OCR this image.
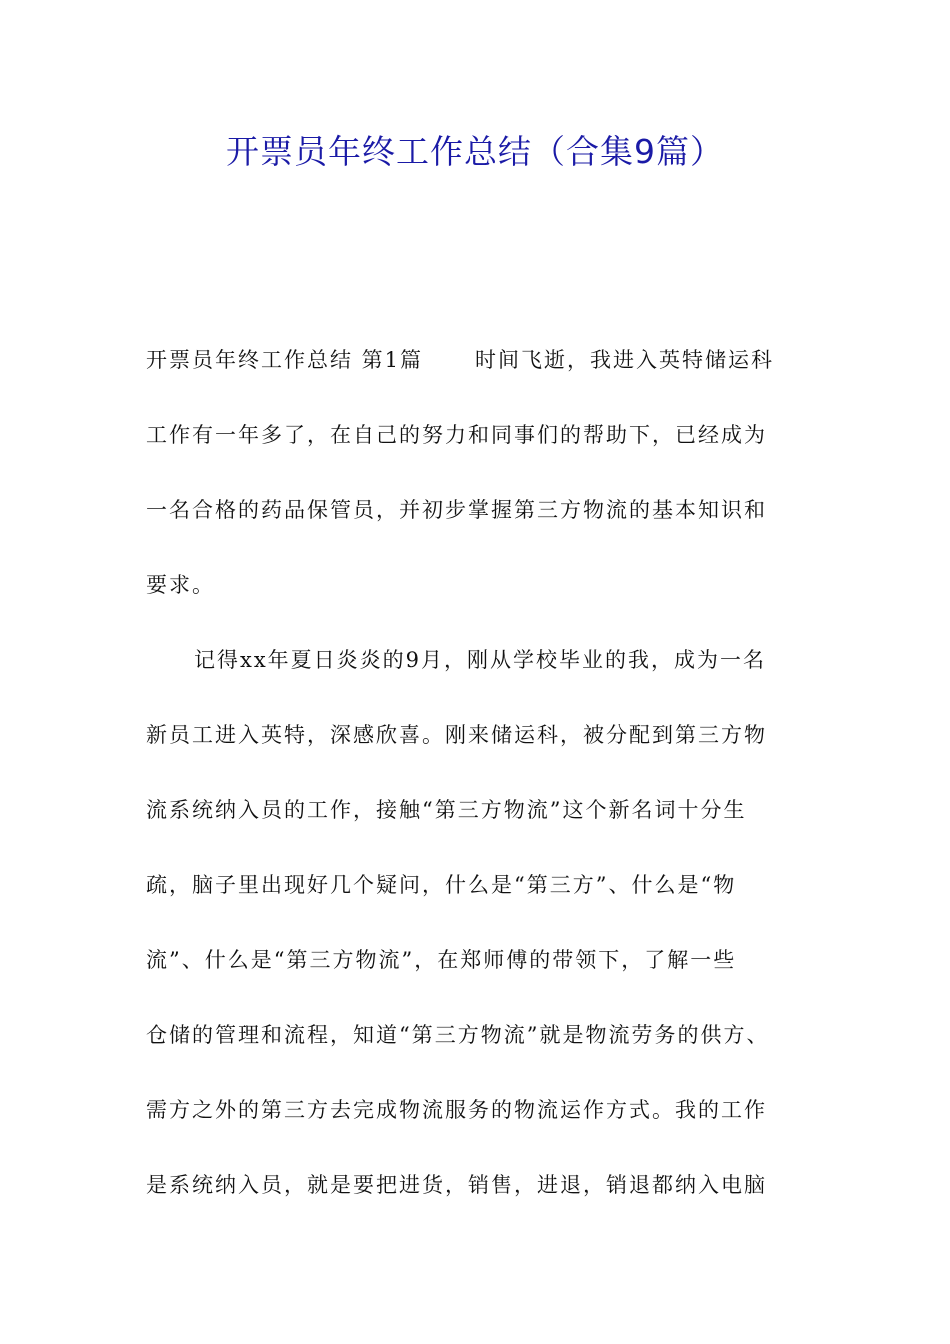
开票员年终工作总结（合集9篇）
开票员年终工作总结 第1篇 时间飞逝，我进入英特储运科
工作有一年多了，在自己的努力和同事们的帮助下，已经成为
一名合格的药品保管员，并初步掌握第三方物流的基本知识和
要求。
记得xx年夏日炎炎的9月，刚从学校毕业的我，成为一名
新员工进入英特，深感欣喜。刚来储运科，被分配到第三方物
流系统纳入员的工作，接触“第三方物流”这个新名词十分生
疏，脑子里出现好几个疑问，什么是“第三方”、什么是“物
流”、什么是“第三方物流”，在郑师傅的带领下，了解一些
仓储的管理和流程，知道“第三方物流”就是物流劳务的供方、
需方之外的第三方去完成物流服务的物流运作方式。我的工作
是系统纳入员，就是要把进货，销售，进退，销退都纳入电脑
